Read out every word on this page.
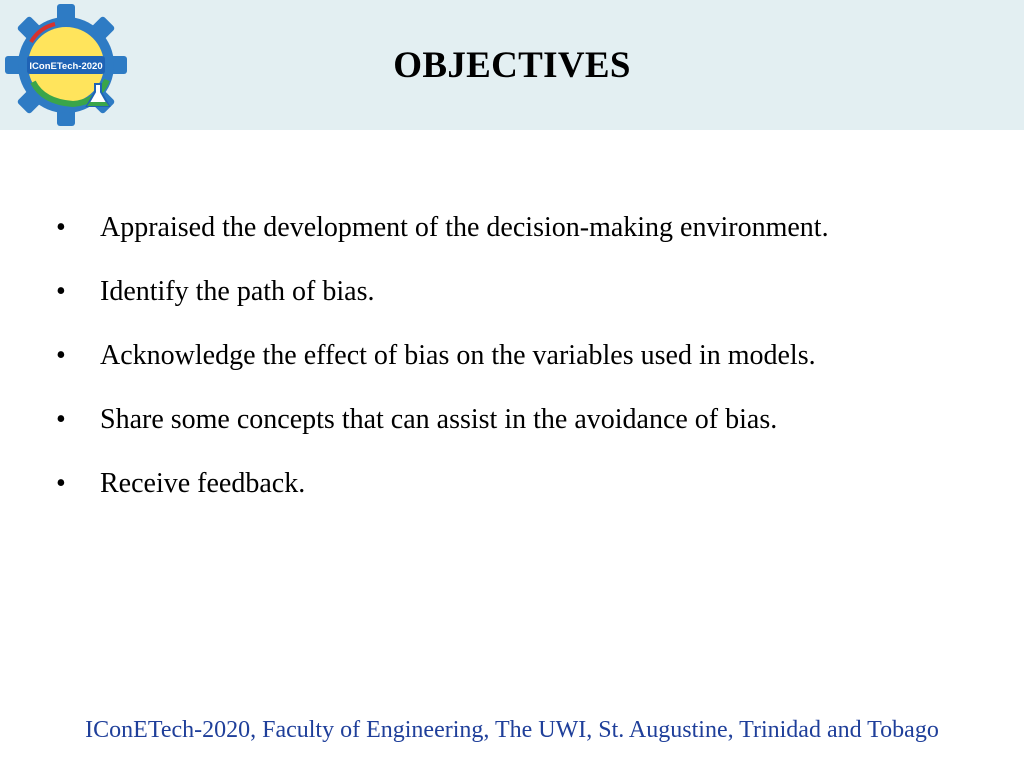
IConETech-2020	OBJECTIVES
• Appraised the development of the decision-making environment.
• Identify the path of bias.
• Acknowledge the effect of bias on the variables used in models.
• Share some concepts that can assist in the avoidance of bias.
• Receive feedback.
IConETech-2020, Faculty of Engineering, The UWI, St. Augustine, Trinidad and Tobago
